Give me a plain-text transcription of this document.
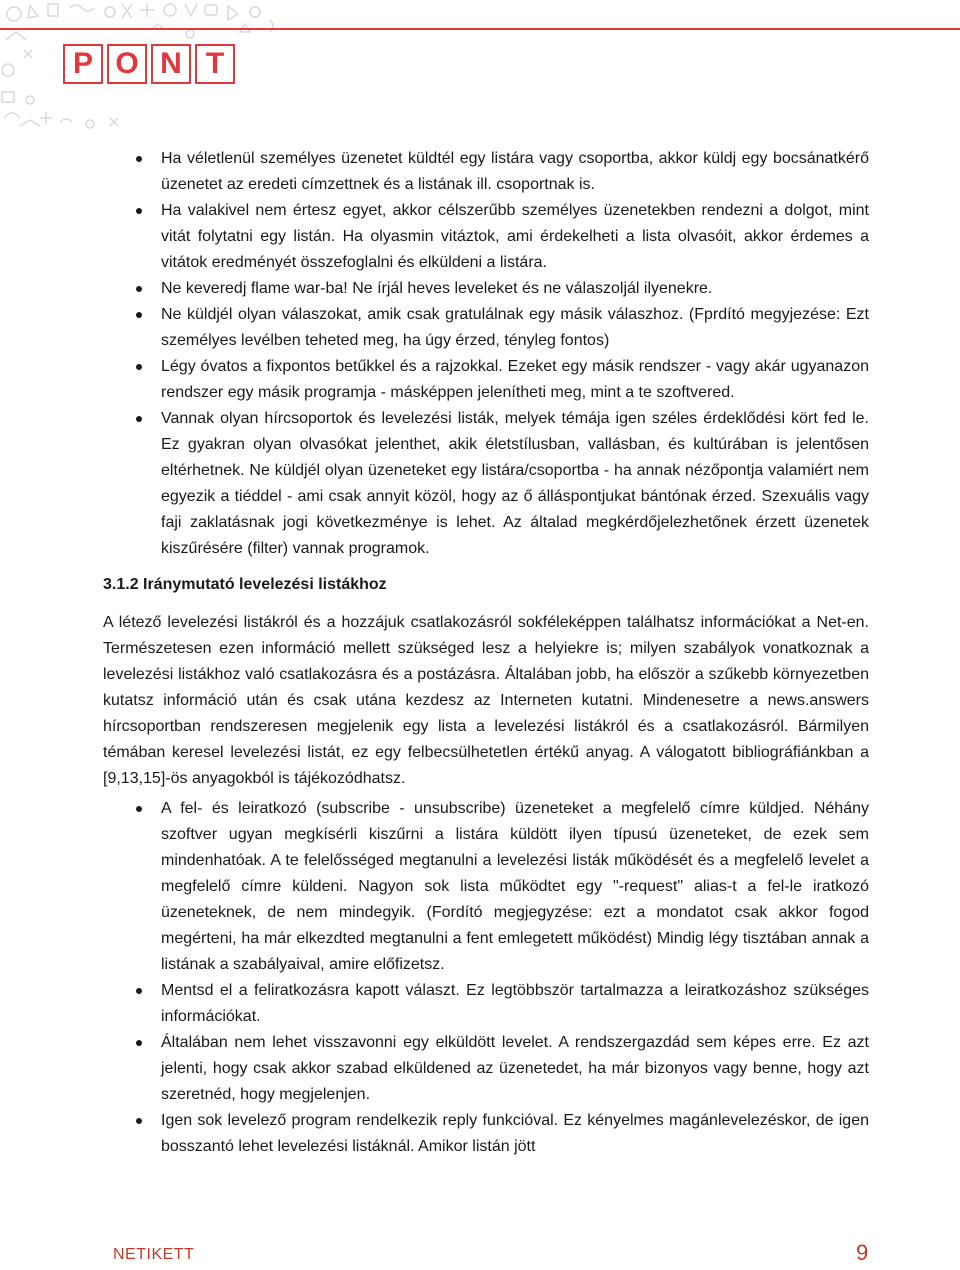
P O N T
Ha véletlenül személyes üzenetet küldtél egy listára vagy csoportba, akkor küldj egy bocsánatkérő üzenetet az eredeti címzettnek és a listának ill. csoportnak is.
Ha valakivel nem értesz egyet, akkor célszerűbb személyes üzenetekben rendezni a dolgot, mint vitát folytatni egy listán. Ha olyasmin vitáztok, ami érdekelheti a lista olvasóit, akkor érdemes a vitátok eredményét összefoglalni és elküldeni a listára.
Ne keveredj flame war-ba! Ne írjál heves leveleket és ne válaszoljál ilyenekre.
Ne küldjél olyan válaszokat, amik csak gratulálnak egy másik válaszhoz. (Fprdító megyjezése: Ezt személyes levélben teheted meg, ha úgy érzed, tényleg fontos)
Légy óvatos a fixpontos betűkkel és a rajzokkal. Ezeket egy másik rendszer - vagy akár ugyanazon rendszer egy másik programja - másképpen jelenítheti meg, mint a te szoftvered.
Vannak olyan hírcsoportok és levelezési listák, melyek témája igen széles érdeklődési kört fed le. Ez gyakran olyan olvasókat jelenthet, akik életstílusban, vallásban, és kultúrában is jelentősen eltérhetnek. Ne küldjél olyan üzeneteket egy listára/csoportba - ha annak nézőpontja valamiért nem egyezik a tiéddel - ami csak annyit közöl, hogy az ő álláspontjukat bántónak érzed. Szexuális vagy faji zaklatásnak jogi következménye is lehet. Az általad megkérdőjelezhetőnek érzett üzenetek kiszűrésére (filter) vannak programok.
3.1.2 Iránymutató levelezési listákhoz

A létező levelezési listákról és a hozzájuk csatlakozásról sokféleképpen találhatsz információkat a Net-en. Természetesen ezen információ mellett szükséged lesz a helyiekre is; milyen szabályok vonatkoznak a levelezési listákhoz való csatlakozásra és a postázásra. Általában jobb, ha először a szűkebb környezetben kutatsz információ után és csak utána kezdesz az Interneten kutatni. Mindenesetre a news.answers hírcsoportban rendszeresen megjelenik egy lista a levelezési listákról és a csatlakozásról. Bármilyen témában keresel levelezési listát, ez egy felbecsülhetetlen értékű anyag. A válogatott bibliográfiánkban a [9,13,15]-ös anyagokból is tájékozódhatsz.

A fel- és leiratkozó (subscribe - unsubscribe) üzeneteket a megfelelő címre küldjed. Néhány szoftver ugyan megkísérli kiszűrni a listára küldött ilyen típusú üzeneteket, de ezek sem mindenhatóak. A te felelősséged megtanulni a levelezési listák működését és a megfelelő levelet a megfelelő címre küldeni. Nagyon sok lista működtet egy "-request" alias-t a fel-le iratkozó üzeneteknek, de nem mindegyik. (Fordító megjegyzése: ezt a mondatot csak akkor fogod megérteni, ha már elkezdted megtanulni a fent emlegetett működést) Mindig légy tisztában annak a listának a szabályaival, amire előfizetsz.
Mentsd el a feliratkozásra kapott választ. Ez legtöbbször tartalmazza a leiratkozáshoz szükséges információkat.
Általában nem lehet visszavonni egy elküldött levelet. A rendszergazdád sem képes erre. Ez azt jelenti, hogy csak akkor szabad elküldened az üzenetedet, ha már bizonyos vagy benne, hogy azt szeretnéd, hogy megjelenjen.
Igen sok levelező program rendelkezik reply funkcióval. Ez kényelmes magánlevelezéskor, de igen bosszantó lehet levelezési listáknál. Amikor listán jött
NETIKETT	9
